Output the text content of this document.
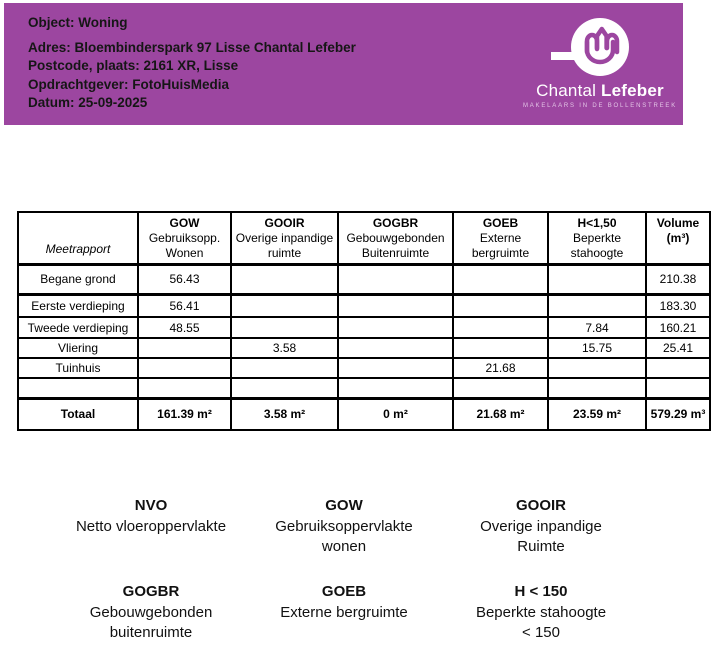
Object: Woning
Adres: Bloembinderspark 97 Lisse Chantal Lefeber
Postcode, plaats: 2161 XR, Lisse
Opdrachtgever: FotoHuisMedia
Datum: 25-09-2025
Chantal Lefeber
MAKELAARS IN DE BOLLENSTREEK
Meetrapport	
GOW
Gebruiksopp.
Wonen

GOOIR
Overige inpandige
ruimte

GOGBR
Gebouwgebonden
Buitenruimte

GOEB
Externe
bergruimte

H<1,50
Beperkte
stahoogte

Volume
(m³)

Begane grond	56.43					210.38
Eerste verdieping	56.41					183.30
Tweede verdieping	48.55				7.84	160.21
Vliering		3.58			15.75	25.41
Tuinhuis				21.68		

Totaal	161.39 m²	3.58 m²	0 m²	21.68 m²	23.59 m²	579.29 m³
NVO
Netto vloeroppervlakte
GOW
Gebruiksoppervlakte
wonen
GOOIR
Overige inpandige
Ruimte
GOGBR
Gebouwgebonden
buitenruimte
GOEB
Externe bergruimte
H < 150
Beperkte stahoogte
< 150
